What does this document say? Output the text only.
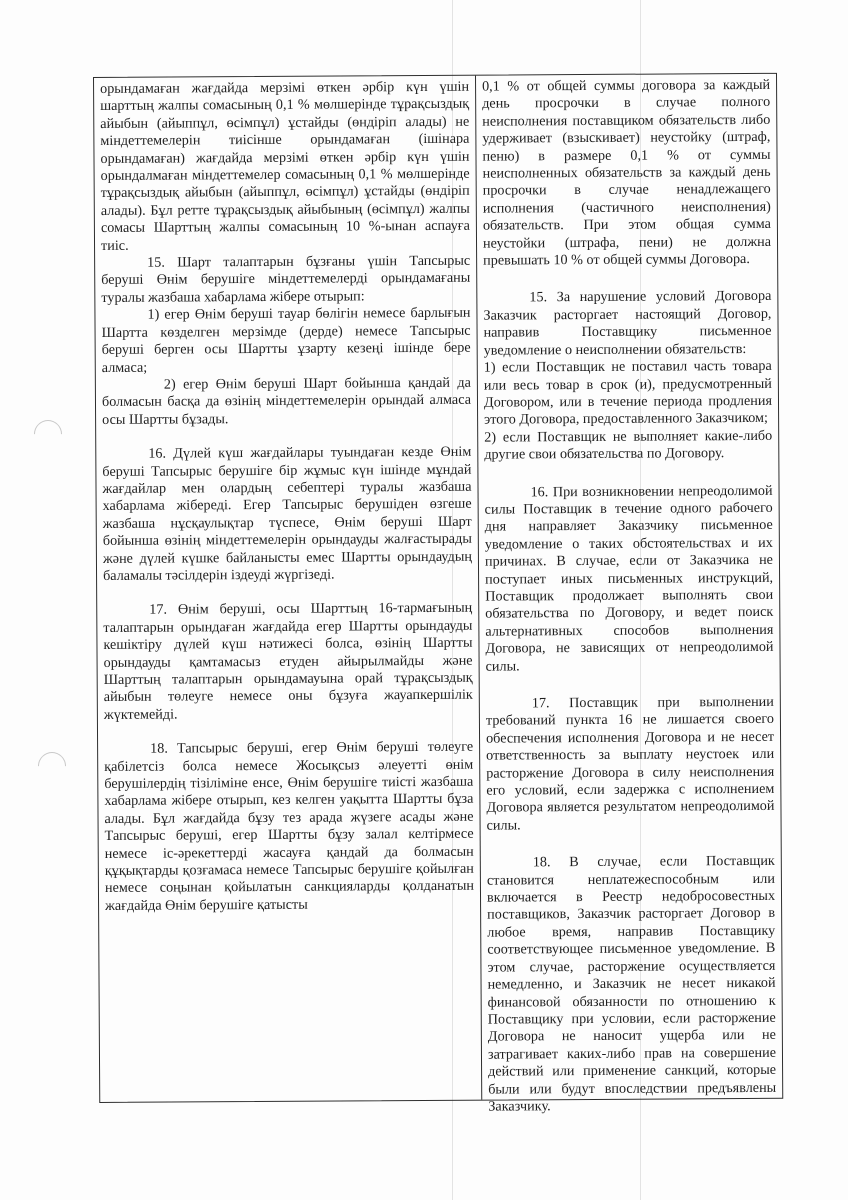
орындамаған жағдайда мерзімі өткен әрбір күн үшін шарттың жалпы сомасының 0,1 % мөлшерінде тұрақсыздық айыбын (айыппұл, өсімпұл) ұстайды (өндіріп алады) не міндеттемелерін тиісінше орындамаған (ішінара орындамаған) жағдайда мерзімі өткен әрбір күн үшін орындалмаған міндеттемелер сомасының 0,1 % мөлшерінде тұрақсыздық айыбын (айыппұл, өсімпұл) ұстайды (өндіріп алады). Бұл ретте тұрақсыздық айыбының (өсімпұл) жалпы сомасы Шарттың жалпы сомасының 10 %-ынан аспауға тиіс.

15. Шарт талаптарын бұзғаны үшін Тапсырыс беруші Өнім берушіге міндеттемелерді орындамағаны туралы жазбаша хабарлама жібере отырып:

1) егер Өнім беруші тауар бөлігін немесе барлығын Шартта көзделген мерзімде (дерде) немесе Тапсырыс беруші берген осы Шартты ұзарту кезеңі ішінде бере алмаса;

2) егер Өнім беруші Шарт бойынша қандай да болмасын басқа да өзінің міндеттемелерін орындай алмаса осы Шартты бұзады.

16. Дүлей күш жағдайлары туындаған кезде Өнім беруші Тапсырыс берушіге бір жұмыс күн ішінде мұндай жағдайлар мен олардың себептері туралы жазбаша хабарлама жібереді. Егер Тапсырыс берушіден өзгеше жазбаша нұсқаулықтар түспесе, Өнім беруші Шарт бойынша өзінің міндеттемелерін орындауды жалғастырады және дүлей күшке байланысты емес Шартты орындаудың баламалы тәсілдерін іздеуді жүргізеді.

17. Өнім беруші, осы Шарттың 16-тармағының талаптарын орындаған жағдайда егер Шартты орындауды кешіктіру дүлей күш нәтижесі болса, өзінің Шартты орындауды қамтамасыз етуден айырылмайды және Шарттың талаптарын орындамауына орай тұрақсыздық айыбын төлеуге немесе оны бұзуға жауапкершілік жүктемейді.

18. Тапсырыс беруші, егер Өнім беруші төлеуге қабілетсіз болса немесе Жосықсыз әлеуетті өнім берушілердің тізіліміне енсе, Өнім берушіге тиісті жазбаша хабарлама жібере отырып, кез келген уақытта Шартты бұза алады. Бұл жағдайда бұзу тез арада жүзеге асады және Тапсырыс беруші, егер Шартты бұзу залал келтірмесе немесе іс-әрекеттерді жасауға қандай да болмасын құқықтарды қозғамаса немесе Тапсырыс берушіге қойылған немесе соңынан қойылатын санкцияларды қолданатын жағдайда Өнім берушіге қатысты

0,1 % от общей суммы договора за каждый день просрочки в случае полного неисполнения поставщиком обязательств либо удерживает (взыскивает) неустойку (штраф, пеню) в размере 0,1 % от суммы неисполненных обязательств за каждый день просрочки в случае ненадлежащего исполнения (частичного неисполнения) обязательств. При этом общая сумма неустойки (штрафа, пени) не должна превышать 10 % от общей суммы Договора.

15. За нарушение условий Договора Заказчик расторгает настоящий Договор, направив Поставщику письменное уведомление о неисполнении обязательств:

1) если Поставщик не поставил часть товара или весь товар в срок (и), предусмотренный Договором, или в течение периода продления этого Договора, предоставленного Заказчиком;

2) если Поставщик не выполняет какие-либо другие свои обязательства по Договору.

16. При возникновении непреодолимой силы Поставщик в течение одного рабочего дня направляет Заказчику письменное уведомление о таких обстоятельствах и их причинах. В случае, если от Заказчика не поступает иных письменных инструкций, Поставщик продолжает выполнять свои обязательства по Договору, и ведет поиск альтернативных способов выполнения Договора, не зависящих от непреодолимой силы.

17. Поставщик при выполнении требований пункта 16 не лишается своего обеспечения исполнения Договора и не несет ответственность за выплату неустоек или расторжение Договора в силу неисполнения его условий, если задержка с исполнением Договора является результатом непреодолимой силы.

18. В случае, если Поставщик становится неплатежеспособным или включается в Реестр недобросовестных поставщиков, Заказчик расторгает Договор в любое время, направив Поставщику соответствующее письменное уведомление. В этом случае, расторжение осуществляется немедленно, и Заказчик не несет никакой финансовой обязанности по отношению к Поставщику при условии, если расторжение Договора не наносит ущерба или не затрагивает каких-либо прав на совершение действий или применение санкций, которые были или будут впоследствии предъявлены Заказчику.
